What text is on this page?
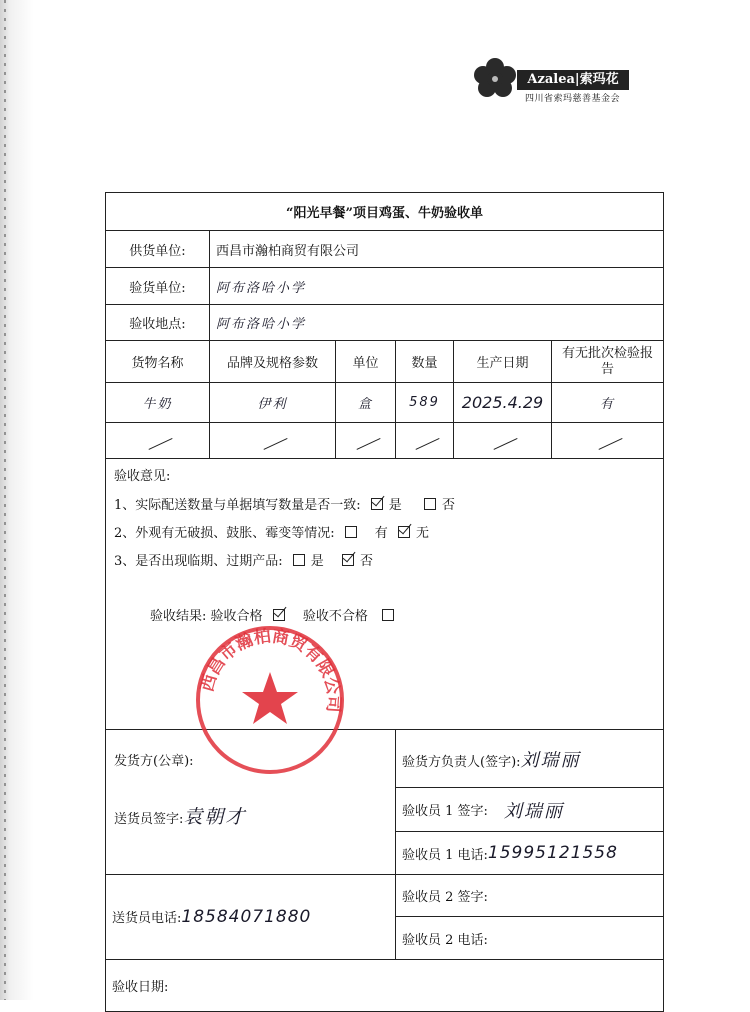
Azalea|索玛花
四川省索玛慈善基金会
“阳光早餐”项目鸡蛋、牛奶验收单					
供货单位:	西昌市瀚柏商贸有限公司				
验货单位:	阿布洛哈小学				
验收地点:	阿布洛哈小学				
货物名称	品牌及规格参数	单位	数量	生产日期	有无批次检验报告
牛奶	伊利	盒	589	2025.4.29	有

验收意见:
1、实际配送数量与单据填写数量是否一致: 是 否
2、外观有无破损、鼓胀、霉变等情况: 有 无
3、是否出现临期、过期产品: 是 否
验收结果: 验收合格 验收不合格					

发货方(公章):
送货员签字:袁朝才			验货方负责人(签字):刘瑞丽		

			验收员 1 签字: 刘瑞丽
验收员 1 电话: 15995121558		

送货员电话:18584071880			验收员 2 签字:
验收员 2 电话:		

验收日期:					
西昌市瀚柏商贸有限公司
